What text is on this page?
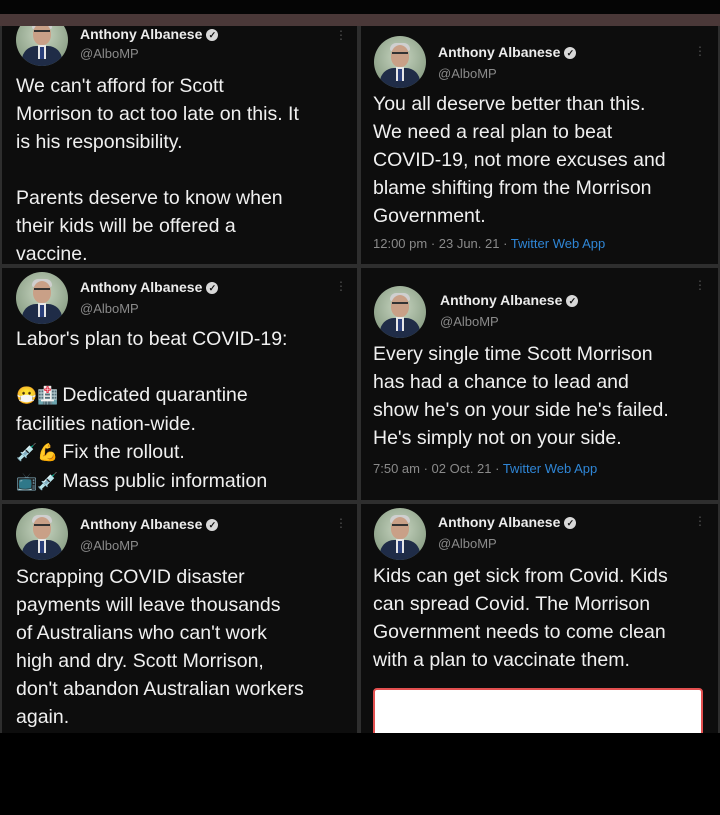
Anthony Albanese ✓
@AlboMP
⋮
We can't afford for Scott
Morrison to act too late on this. It
is his responsibility.
Parents deserve to know when
their kids will be offered a
vaccine.
Anthony Albanese ✓
@AlboMP
⋮
You all deserve better than this.
We need a real plan to beat
COVID-19, not more excuses and
blame shifting from the Morrison
Government.
12:00 pm · 23 Jun. 21 · Twitter Web App
Anthony Albanese ✓
@AlboMP
⋮
Labor's plan to beat COVID-19:
😷🏥 Dedicated quarantine
facilities nation-wide.
💉💪 Fix the rollout.
📺💉 Mass public information
Anthony Albanese ✓
@AlboMP
⋮
Every single time Scott Morrison
has had a chance to lead and
show he's on your side he's failed.
He's simply not on your side.
7:50 am · 02 Oct. 21 · Twitter Web App
Anthony Albanese ✓
@AlboMP
⋮
Scrapping COVID disaster
payments will leave thousands
of Australians who can't work
high and dry. Scott Morrison,
don't abandon Australian workers
again.
Anthony Albanese ✓
@AlboMP
⋮
Kids can get sick from Covid. Kids
can spread Covid. The Morrison
Government needs to come clean
with a plan to vaccinate them.
